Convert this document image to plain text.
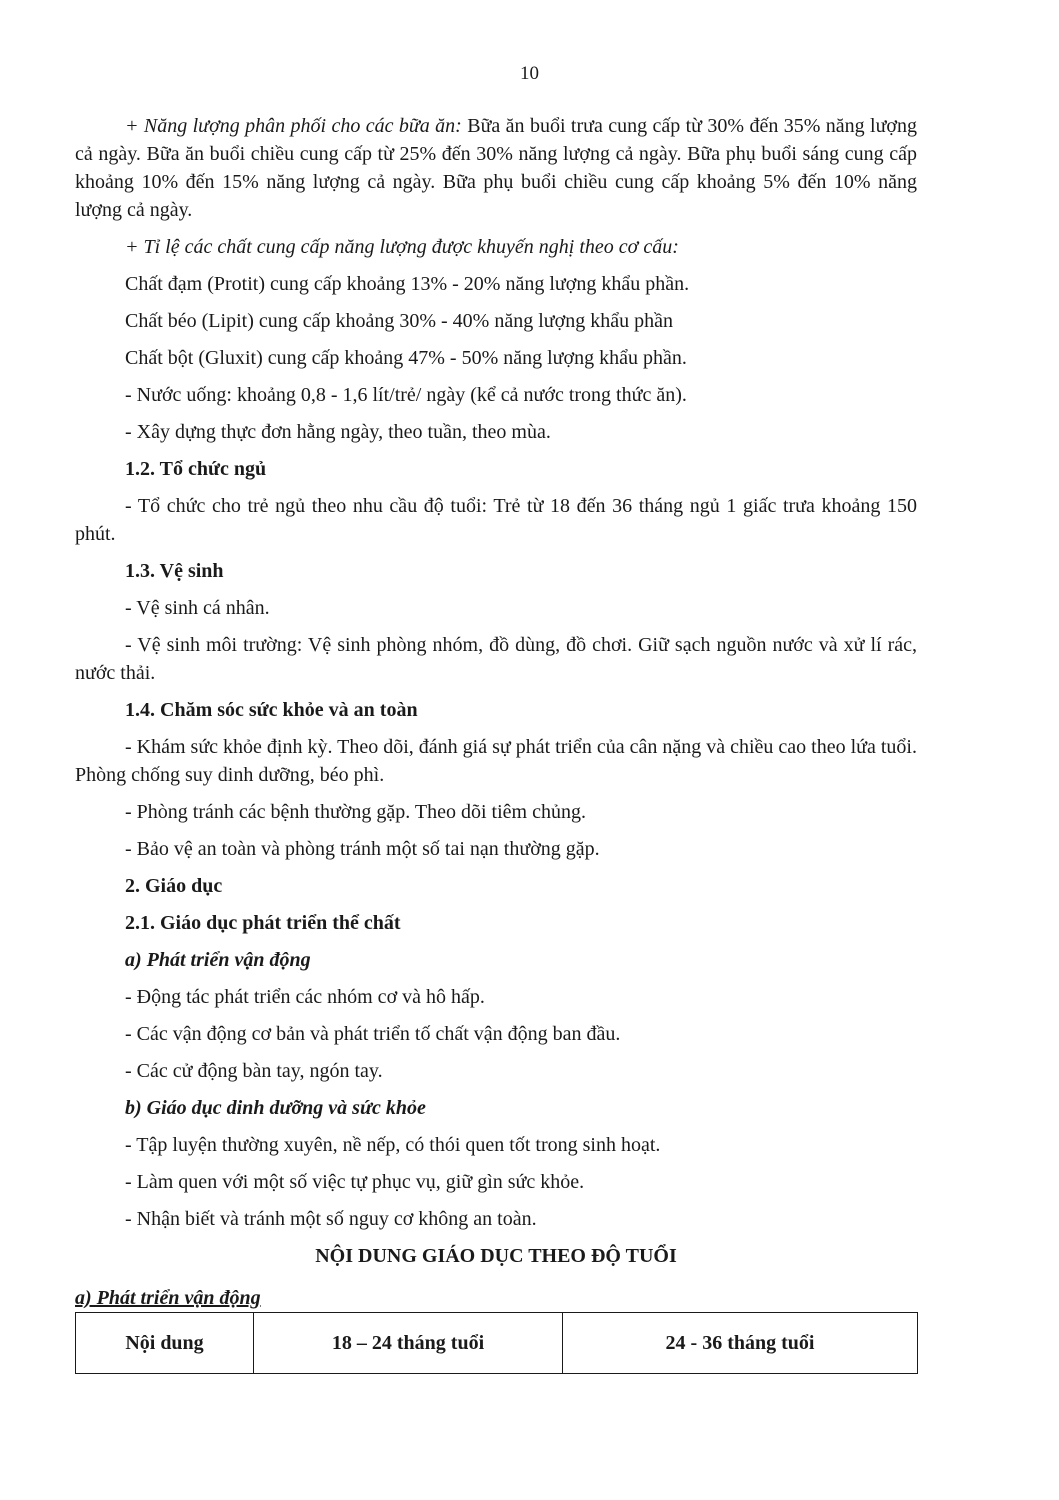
10

+ Năng lượng phân phối cho các bữa ăn: Bữa ăn buổi trưa cung cấp từ 30% đến 35% năng lượng cả ngày. Bữa ăn buổi chiều cung cấp từ 25% đến 30% năng lượng cả ngày. Bữa phụ buổi sáng cung cấp khoảng 10% đến 15% năng lượng cả ngày. Bữa phụ buổi chiều cung cấp khoảng 5% đến 10% năng lượng cả ngày.

+ Tỉ lệ các chất cung cấp năng lượng được khuyến nghị theo cơ cấu:

Chất đạm (Protit) cung cấp khoảng 13% - 20% năng lượng khẩu phần.

Chất béo (Lipit) cung cấp khoảng 30% - 40% năng lượng khẩu phần

Chất bột (Gluxit) cung cấp khoảng 47% - 50% năng lượng khẩu phần.

- Nước uống: khoảng 0,8 - 1,6 lít/trẻ/ ngày (kể cả nước trong thức ăn).

- Xây dựng thực đơn hằng ngày, theo tuần, theo mùa.

1.2. Tổ chức ngủ

- Tổ chức cho trẻ ngủ theo nhu cầu độ tuổi: Trẻ từ 18 đến 36 tháng ngủ 1 giấc trưa khoảng 150 phút.

1.3. Vệ sinh

- Vệ sinh cá nhân.

- Vệ sinh môi trường: Vệ sinh phòng nhóm, đồ dùng, đồ chơi. Giữ sạch nguồn nước và xử lí rác, nước thải.

1.4. Chăm sóc sức khỏe và an toàn

- Khám sức khỏe định kỳ. Theo dõi, đánh giá sự phát triển của cân nặng và chiều cao theo lứa tuổi. Phòng chống suy dinh dưỡng, béo phì.

- Phòng tránh các bệnh thường gặp. Theo dõi tiêm chủng.

- Bảo vệ an toàn và phòng tránh một số tai nạn thường gặp.

2. Giáo dục

2.1. Giáo dục phát triển thể chất

a) Phát triển vận động

- Động tác phát triển các nhóm cơ và hô hấp.

- Các vận động cơ bản và phát triển tố chất vận động ban đầu.

- Các cử động bàn tay, ngón tay.

b) Giáo dục dinh dưỡng và sức khỏe

- Tập luyện thường xuyên, nề nếp, có thói quen tốt trong sinh hoạt.

- Làm quen với một số việc tự phục vụ, giữ gìn sức khỏe.

- Nhận biết và tránh một số nguy cơ không an toàn.

NỘI DUNG GIÁO DỤC THEO ĐỘ TUỔI
a) Phát triển vận động
Nội dung	18 – 24 tháng tuổi	24 - 36 tháng tuổi
